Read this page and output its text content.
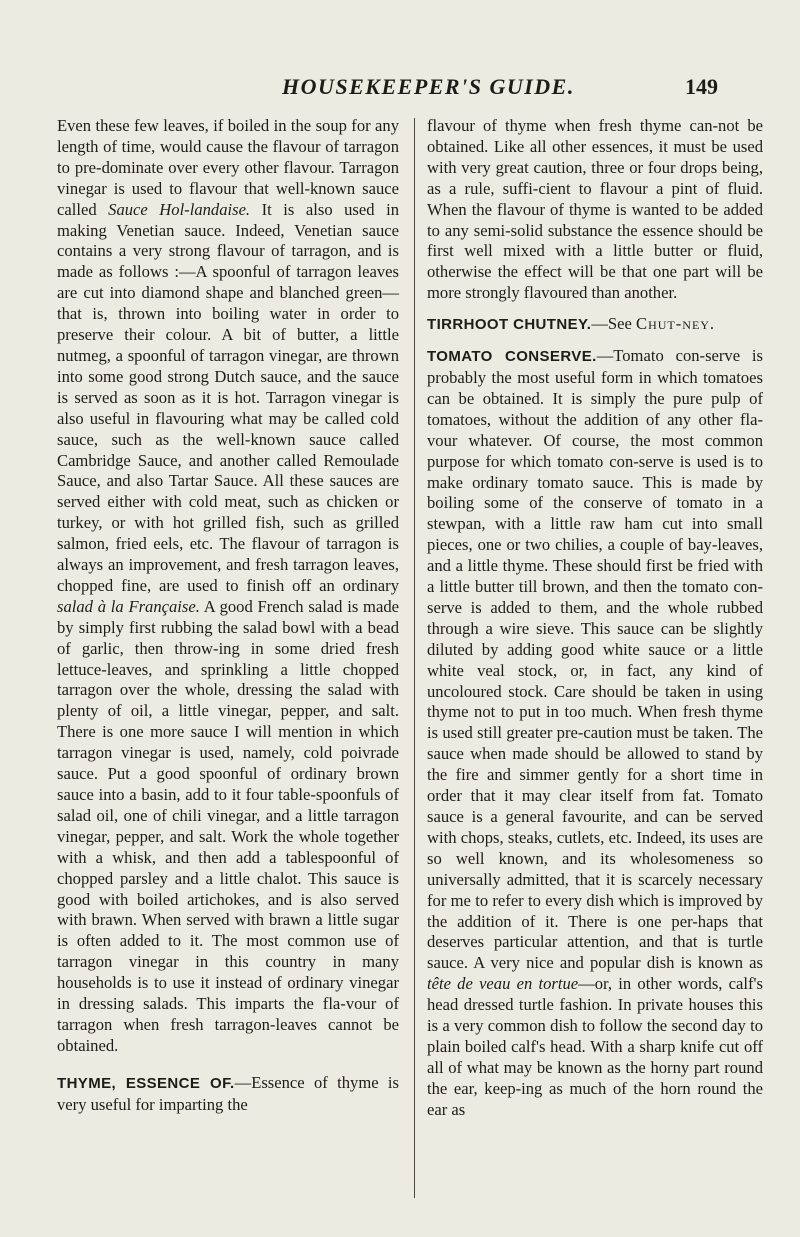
HOUSEKEEPER'S GUIDE.	149

Even these few leaves, if boiled in the soup for any length of time, would cause the flavour of tarragon to pre-dominate over every other flavour. Tarragon vinegar is used to flavour that well-known sauce called Sauce Hol-landaise. It is also used in making Venetian sauce. Indeed, Venetian sauce contains a very strong flavour of tarragon, and is made as follows :—A spoonful of tarragon leaves are cut into diamond shape and blanched green—that is, thrown into boiling water in order to preserve their colour. A bit of butter, a little nutmeg, a spoonful of tarragon vinegar, are thrown into some good strong Dutch sauce, and the sauce is served as soon as it is hot. Tarragon vinegar is also useful in flavouring what may be called cold sauce, such as the well-known sauce called Cambridge Sauce, and another called Remoulade Sauce, and also Tartar Sauce. All these sauces are served either with cold meat, such as chicken or turkey, or with hot grilled fish, such as grilled salmon, fried eels, etc. The flavour of tarragon is always an improvement, and fresh tarragon leaves, chopped fine, are used to finish off an ordinary salad à la Française. A good French salad is made by simply first rubbing the salad bowl with a bead of garlic, then throw-ing in some dried fresh lettuce-leaves, and sprinkling a little chopped tarragon over the whole, dressing the salad with plenty of oil, a little vinegar, pepper, and salt. There is one more sauce I will mention in which tarragon vinegar is used, namely, cold poivrade sauce. Put a good spoonful of ordinary brown sauce into a basin, add to it four table-spoonfuls of salad oil, one of chili vinegar, and a little tarragon vinegar, pepper, and salt. Work the whole together with a whisk, and then add a tablespoonful of chopped parsley and a little chalot. This sauce is good with boiled artichokes, and is also served with brawn. When served with brawn a little sugar is often added to it. The most common use of tarragon vinegar in this country in many households is to use it instead of ordinary vinegar in dressing salads. This imparts the fla-vour of tarragon when fresh tarragon-leaves cannot be obtained.

THYME, ESSENCE OF.—Essence of thyme is very useful for imparting the

flavour of thyme when fresh thyme can-not be obtained. Like all other essences, it must be used with very great caution, three or four drops being, as a rule, suffi-cient to flavour a pint of fluid. When the flavour of thyme is wanted to be added to any semi-solid substance the essence should be first well mixed with a little butter or fluid, otherwise the effect will be that one part will be more strongly flavoured than another.

TIRRHOOT CHUTNEY.—See Chut-ney.

TOMATO CONSERVE.—Tomato con-serve is probably the most useful form in which tomatoes can be obtained. It is simply the pure pulp of tomatoes, without the addition of any other fla-vour whatever. Of course, the most common purpose for which tomato con-serve is used is to make ordinary tomato sauce. This is made by boiling some of the conserve of tomato in a stewpan, with a little raw ham cut into small pieces, one or two chilies, a couple of bay-leaves, and a little thyme. These should first be fried with a little butter till brown, and then the tomato con-serve is added to them, and the whole rubbed through a wire sieve. This sauce can be slightly diluted by adding good white sauce or a little white veal stock, or, in fact, any kind of uncoloured stock. Care should be taken in using thyme not to put in too much. When fresh thyme is used still greater pre-caution must be taken. The sauce when made should be allowed to stand by the fire and simmer gently for a short time in order that it may clear itself from fat. Tomato sauce is a general favourite, and can be served with chops, steaks, cutlets, etc. Indeed, its uses are so well known, and its wholesomeness so universally admitted, that it is scarcely necessary for me to refer to every dish which is improved by the addition of it. There is one per-haps that deserves particular attention, and that is turtle sauce. A very nice and popular dish is known as tête de veau en tortue—or, in other words, calf's head dressed turtle fashion. In private houses this is a very common dish to follow the second day to plain boiled calf's head. With a sharp knife cut off all of what may be known as the horny part round the ear, keep-ing as much of the horn round the ear as
